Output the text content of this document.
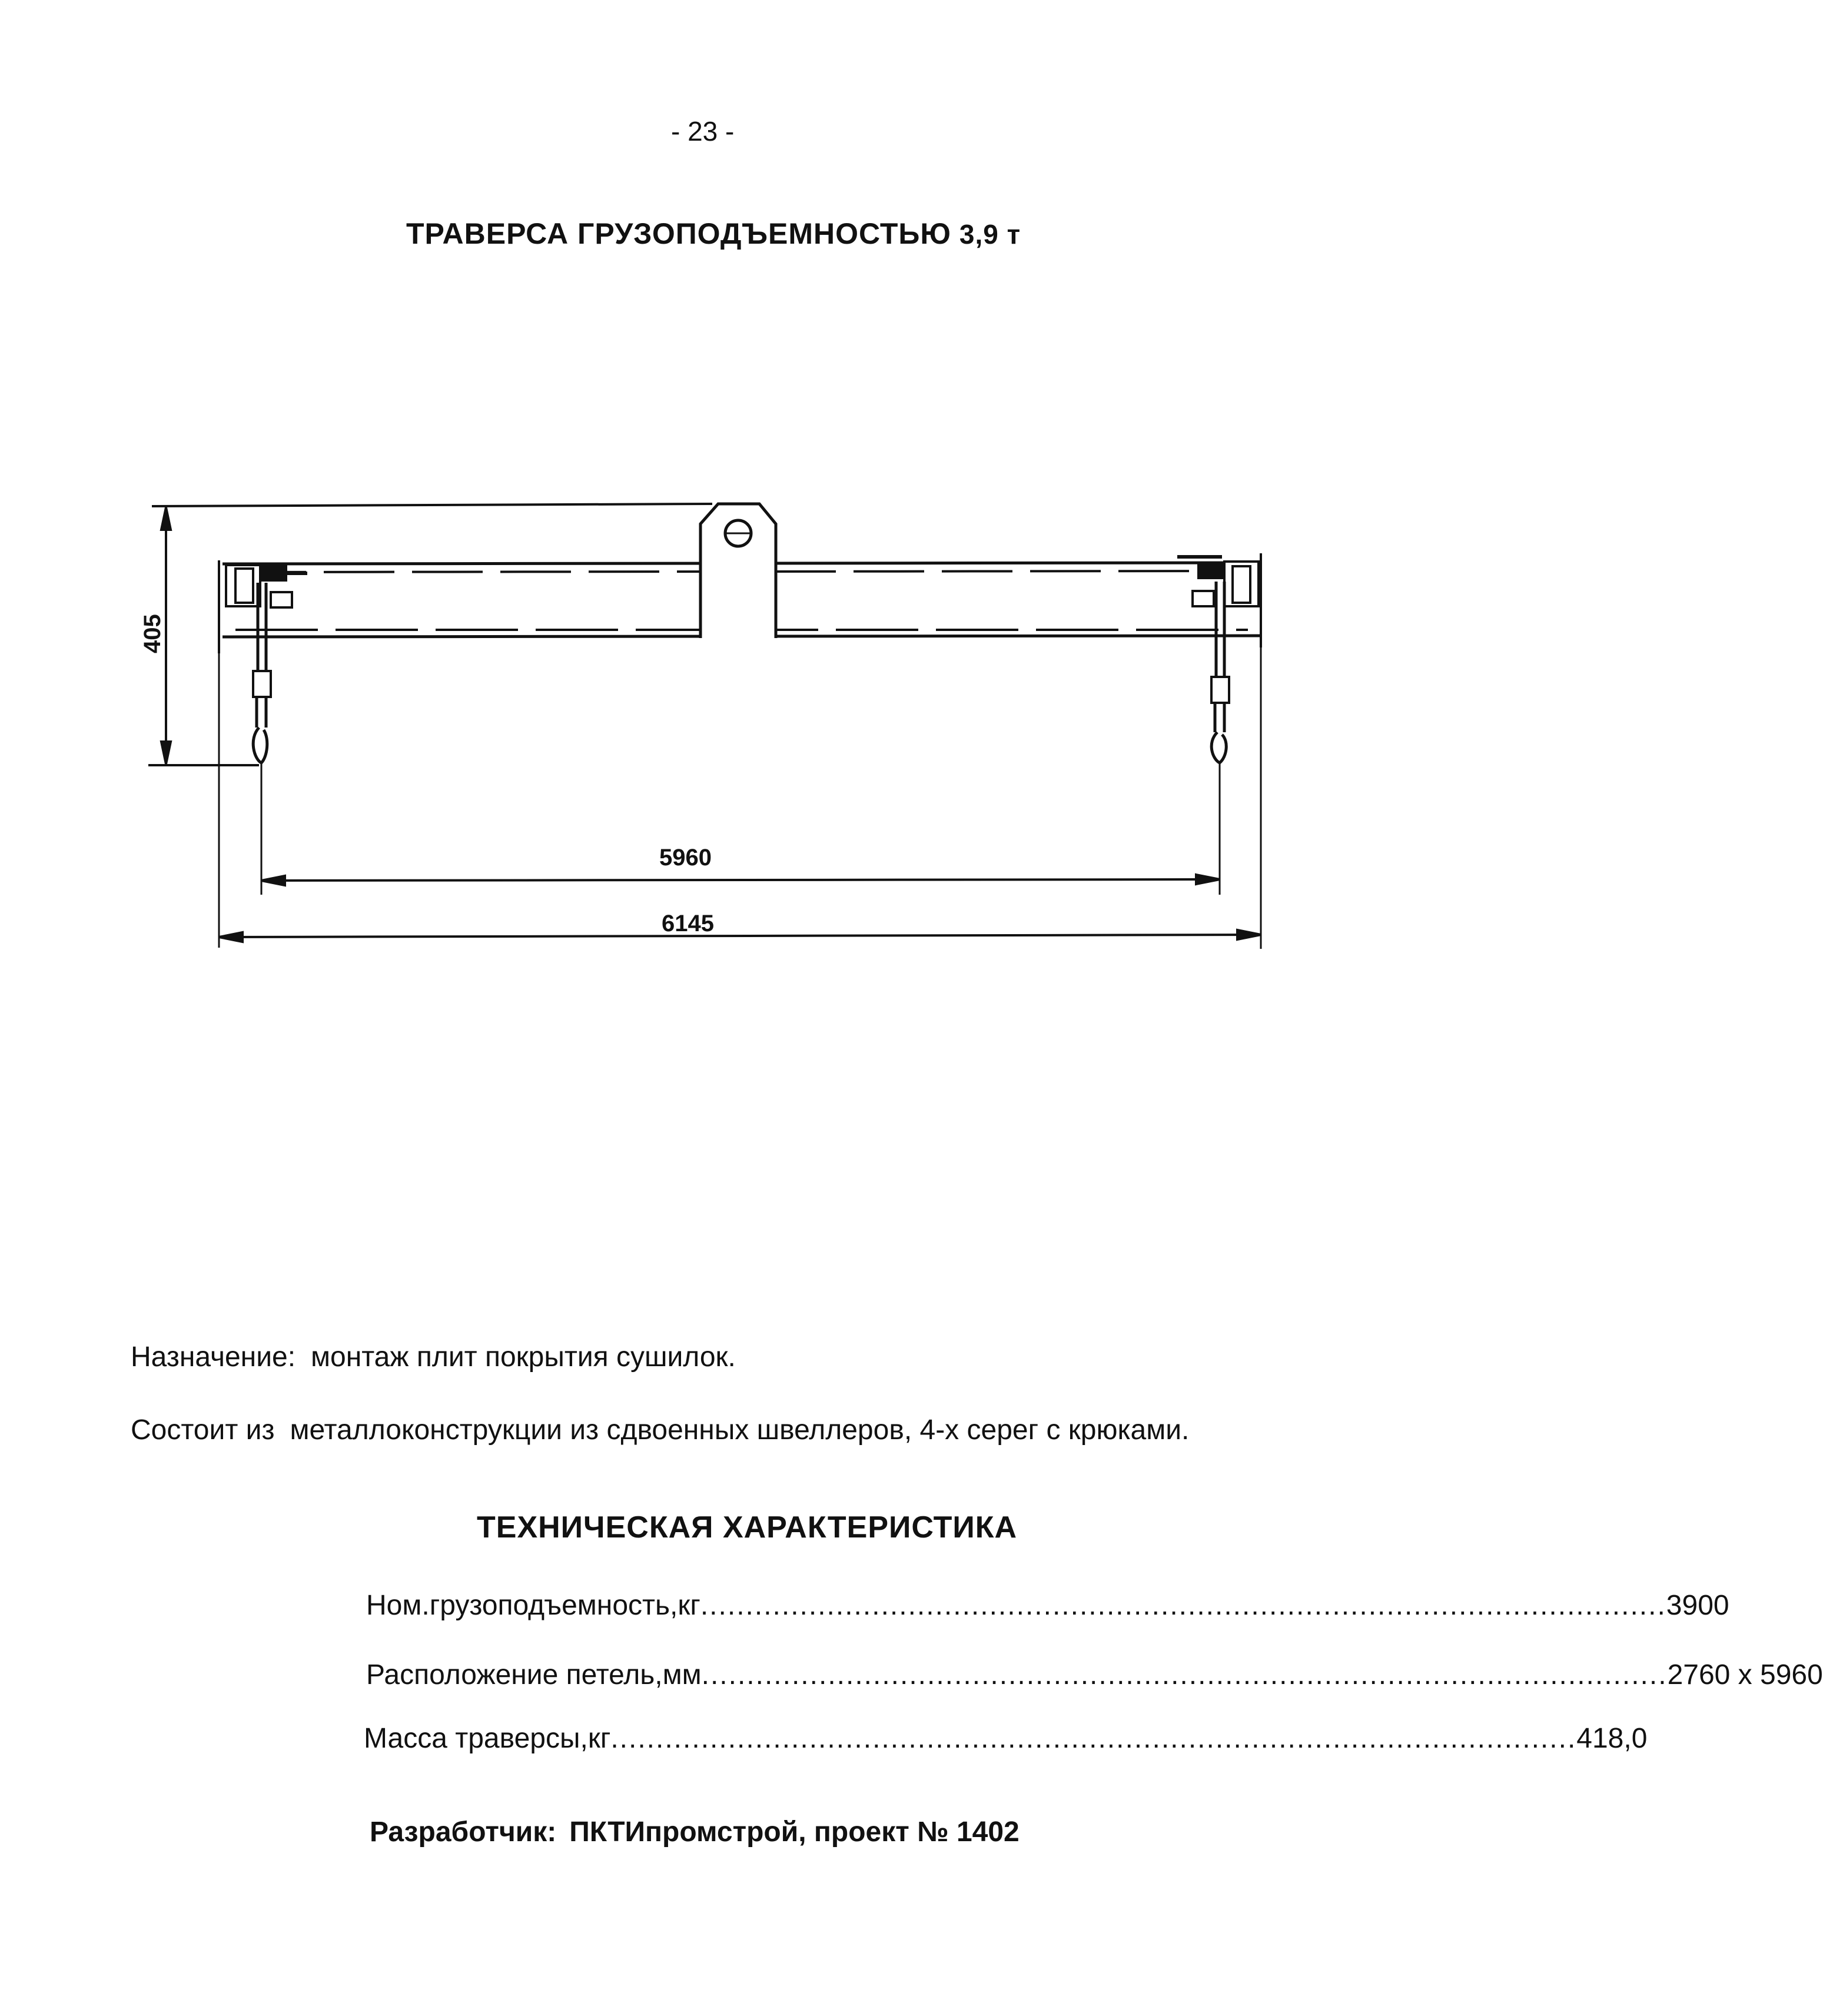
- 23 -
ТРАВЕРСА ГРУЗОПОДЪЕМНОСТЬЮ 3,9 т
405
5960
6145
Назначение: монтаж плит покрытия сушилок.
Состоит из металлоконструкции из сдвоенных швеллеров, 4-х серег с крюками.
ТЕХНИЧЕСКАЯ ХАРАКТЕРИСТИКА
Ном.грузоподъемность,кг ........................................................................................................... 3900
Расположение петель,мм ........................................................................................................... 2760 х 5960
Масса траверсы,кг ........................................................................................................... 418,0
Разработчик: ПКТИпромстрой, проект № 1402
